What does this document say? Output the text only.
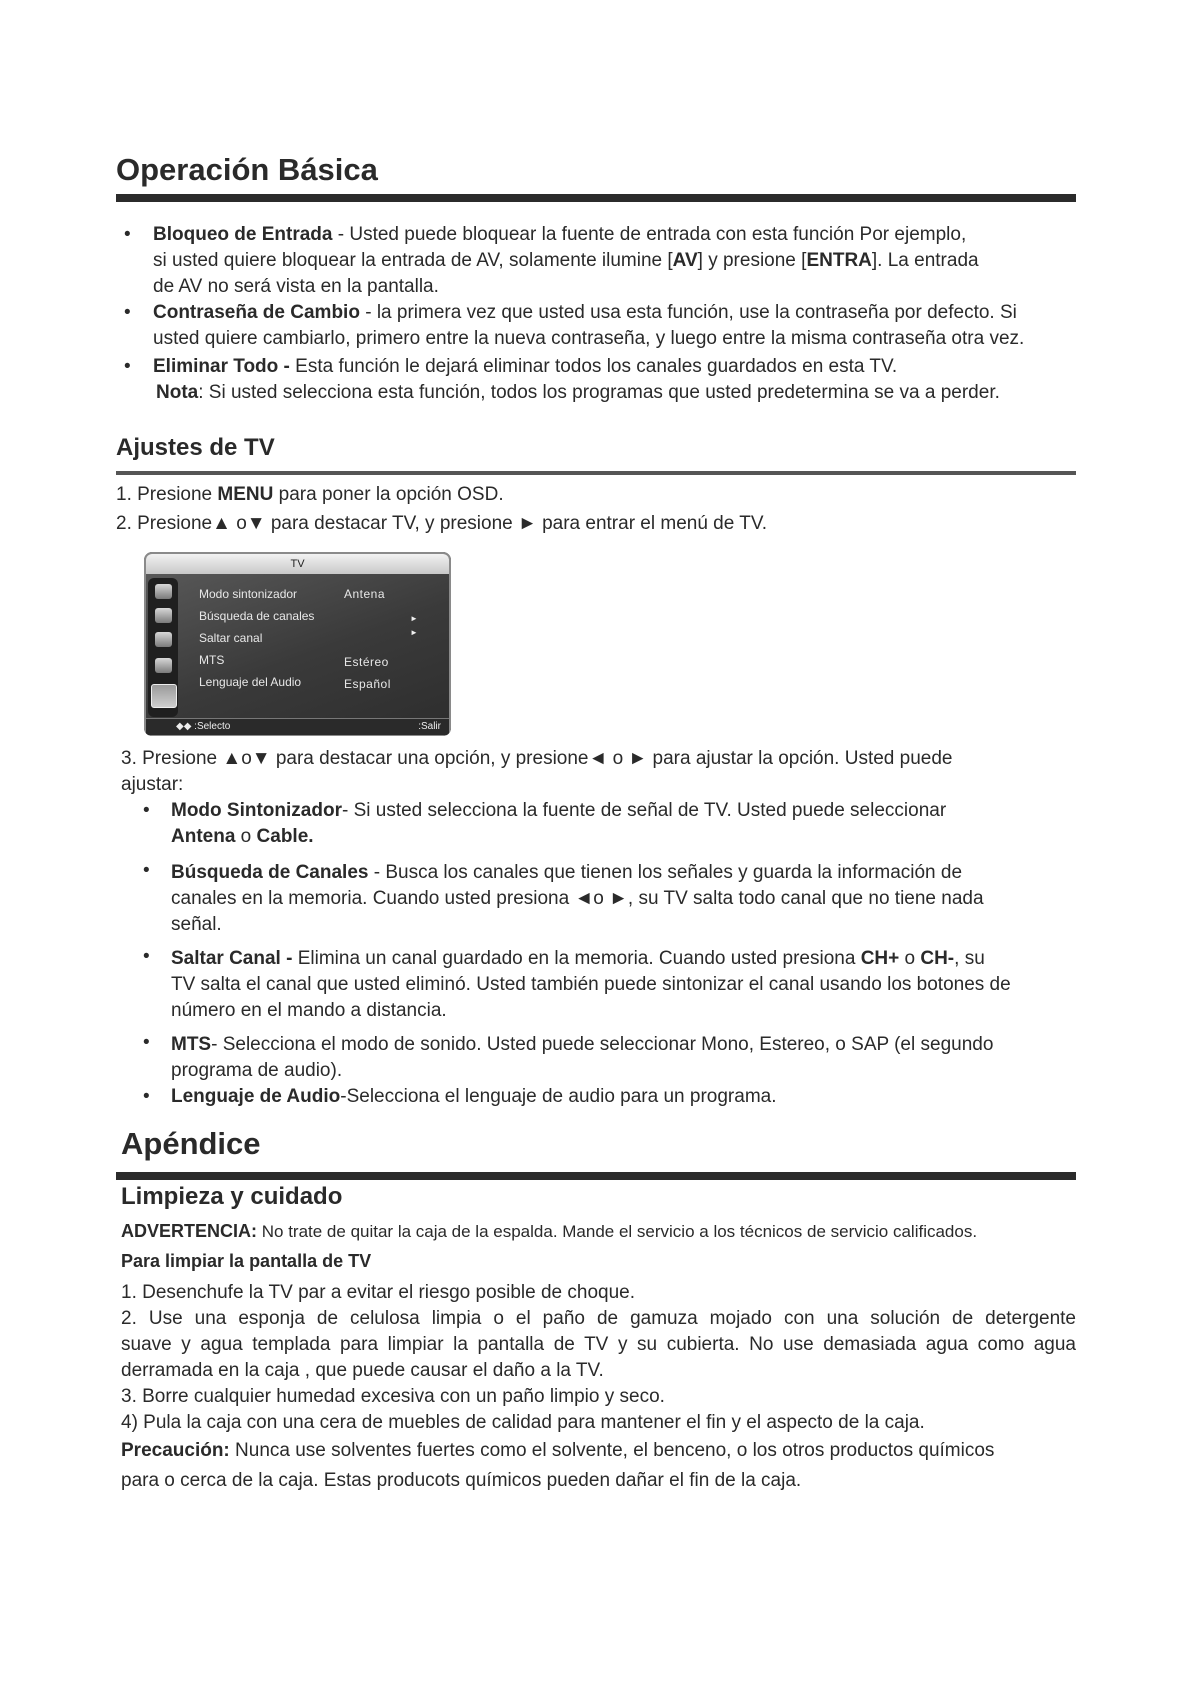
Operación Básica
• Bloqueo de Entrada - Usted puede bloquear la fuente de entrada con esta función Por ejemplo,
si usted quiere bloquear la entrada de AV, solamente ilumine [AV] y presione [ENTRA]. La entrada
de AV no será vista en la pantalla.
• Contraseña de Cambio - la primera vez que usted usa esta función, use la contraseña por defecto. Si
usted quiere cambiarlo, primero entre la nueva contraseña, y luego entre la misma contraseña otra vez.
• Eliminar Todo - Esta función le dejará eliminar todos los canales guardados en esta TV.
Nota: Si usted selecciona esta función, todos los programas que usted predetermina se va a perder.
Ajustes de TV
1. Presione MENU para poner la opción OSD.
2. Presione▲ o▼ para destacar TV, y presione ► para entrar el menú de TV.
TV
Modo sintonizador	Antena
Búsqueda de canales	►
Saltar canal	►
MTS	Estéreo
Lenguaje del Audio	Español
◆◆ :Selecto	:Salir
3. Presione ▲o▼ para destacar una opción, y presione◄ o ► para ajustar la opción. Usted puede
ajustar:
• Modo Sintonizador- Si usted selecciona la fuente de señal de TV. Usted puede seleccionar
Antena o Cable.
• Búsqueda de Canales - Busca los canales que tienen los señales y guarda la información de
canales en la memoria. Cuando usted presiona ◄o ►, su TV salta todo canal que no tiene nada
señal.
• Saltar Canal - Elimina un canal guardado en la memoria. Cuando usted presiona CH+ o CH-, su
TV salta el canal que usted eliminó. Usted también puede sintonizar el canal usando los botones de
número en el mando a distancia.
• MTS- Selecciona el modo de sonido. Usted puede seleccionar Mono, Estereo, o SAP (el segundo
programa de audio).
• Lenguaje de Audio-Selecciona el lenguaje de audio para un programa.
Apéndice
Limpieza y cuidado
ADVERTENCIA: No trate de quitar la caja de la espalda. Mande el servicio a los técnicos de servicio calificados.
Para limpiar la pantalla de TV
1. Desenchufe la TV par a evitar el riesgo posible de choque.
2. Use una esponja de celulosa limpia o el paño de gamuza mojado con una solución de detergente
suave y agua templada para limpiar la pantalla de TV y su cubierta. No use demasiada agua como agua
derramada en la caja , que puede causar el daño a la TV.
3. Borre cualquier humedad excesiva con un paño limpio y seco.
4) Pula la caja con una cera de muebles de calidad para mantener el fin y el aspecto de la caja.
Precaución: Nunca use solventes fuertes como el solvente, el benceno, o los otros productos químicos
para o cerca de la caja. Estas producots químicos pueden dañar el fin de la caja.
